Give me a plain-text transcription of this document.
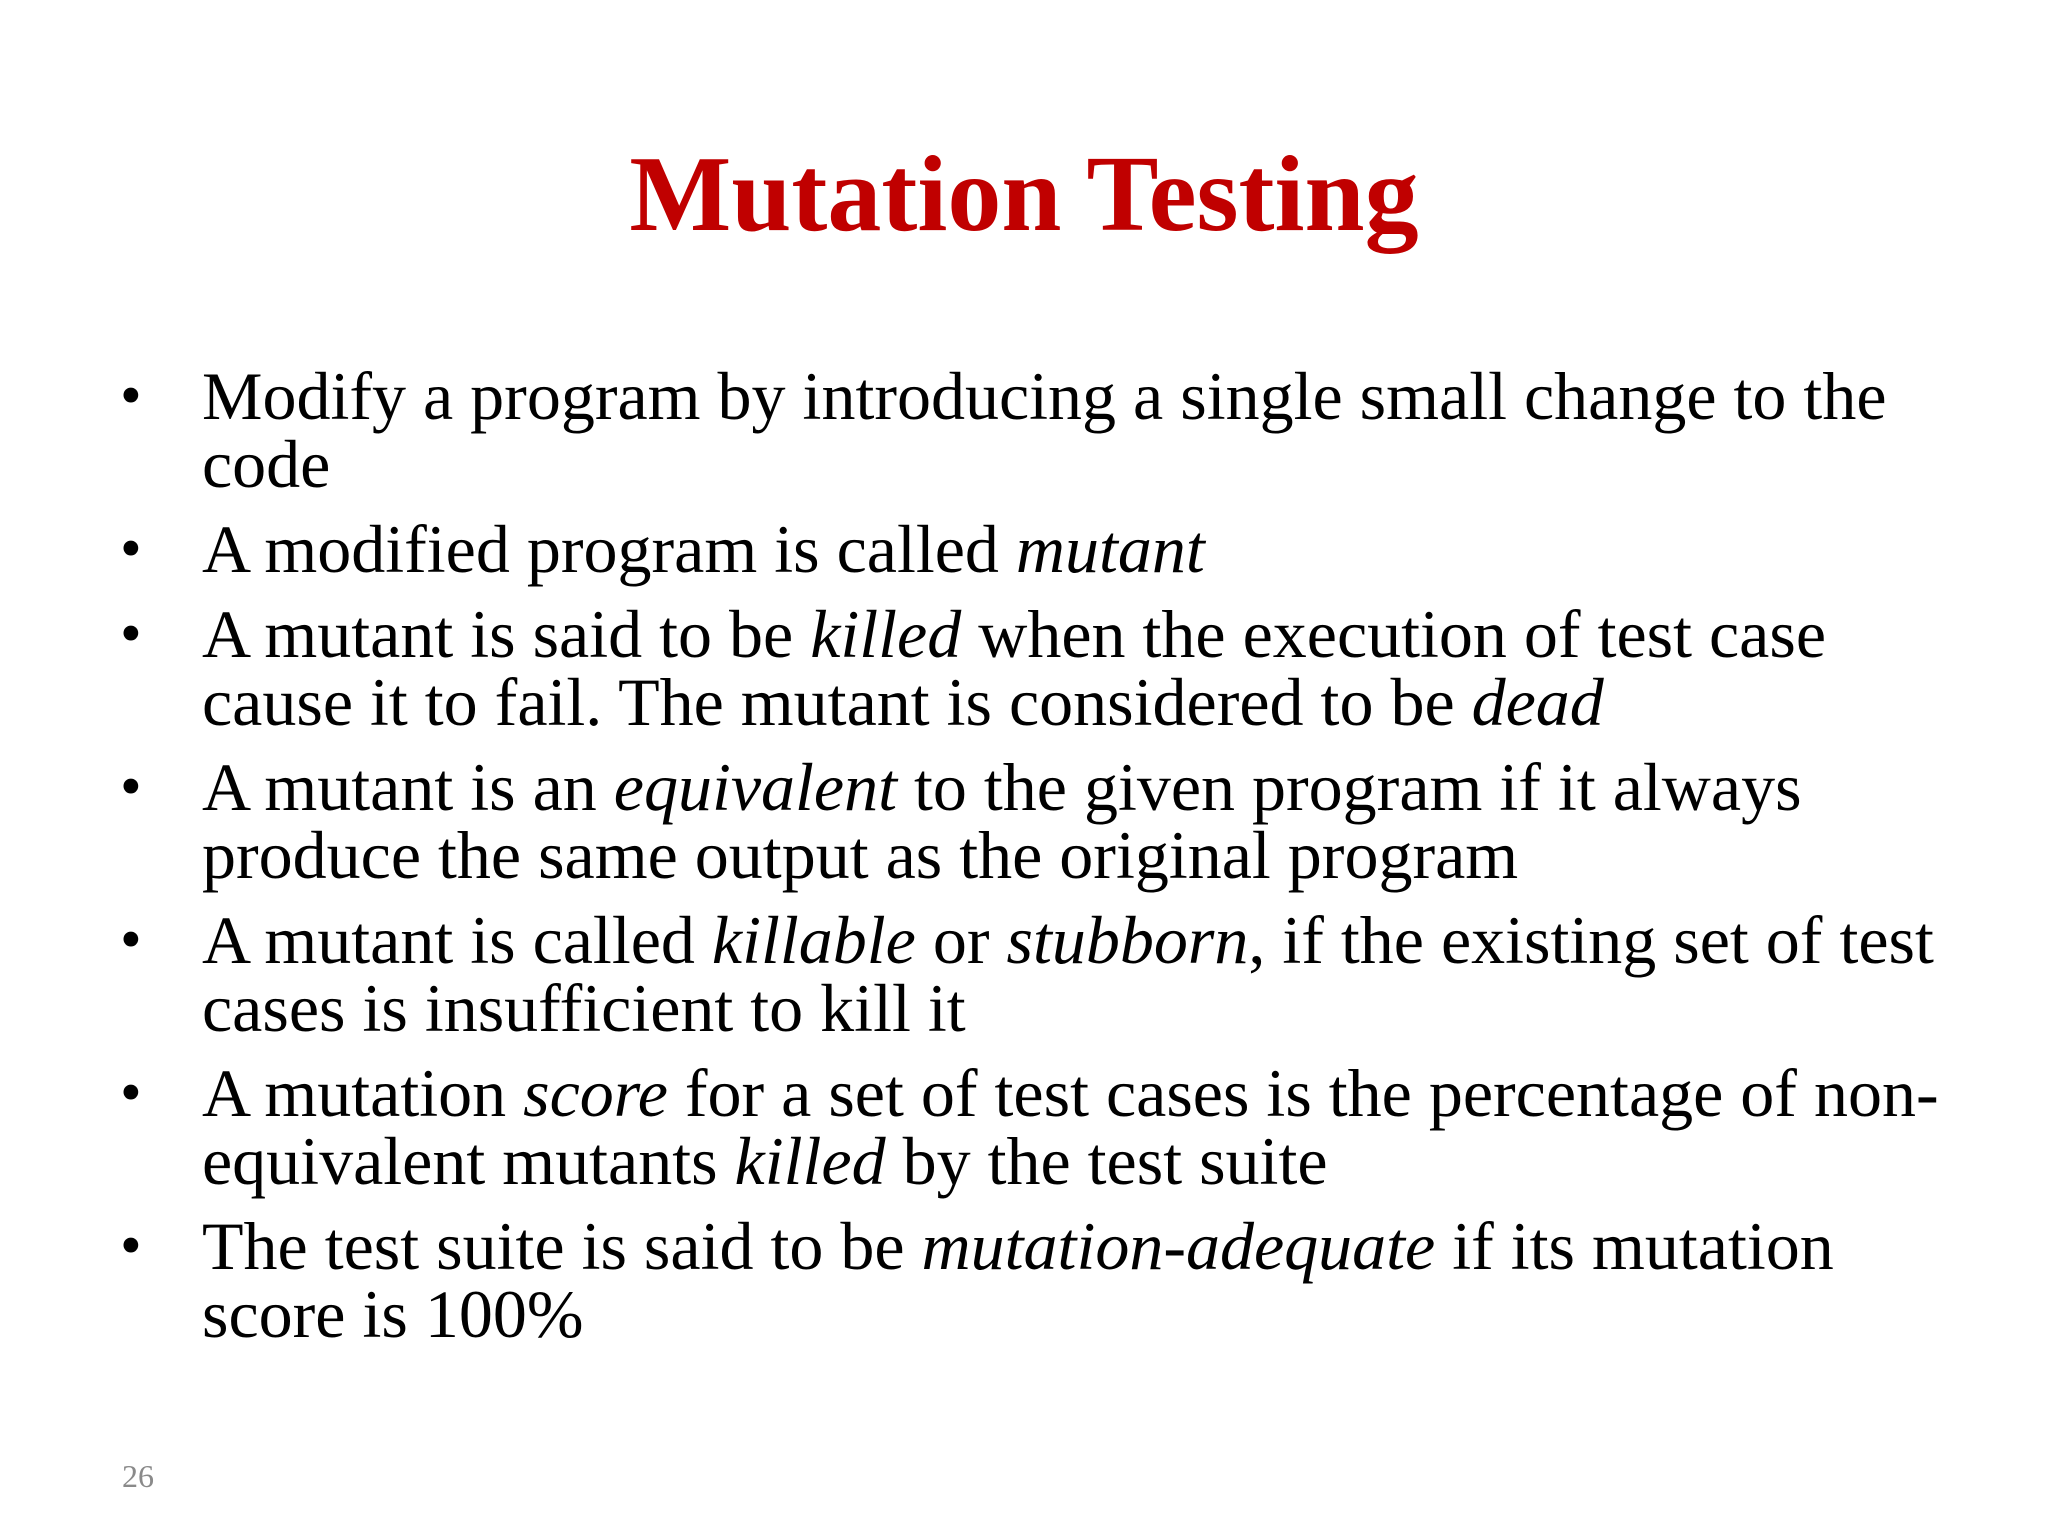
Mutation Testing
• Modify a program by introducing a single small change to the code
• A modified program is called mutant
• A mutant is said to be killed when the execution of test case cause it to fail. The mutant is considered to be dead
• A mutant is an equivalent to the given program if it always produce the same output as the original program
• A mutant is called killable or stubborn, if the existing set of test cases is insufficient to kill it
• A mutation score for a set of test cases is the percentage of non-equivalent mutants killed by the test suite
• The test suite is said to be mutation-adequate if its mutation score is 100%
26
